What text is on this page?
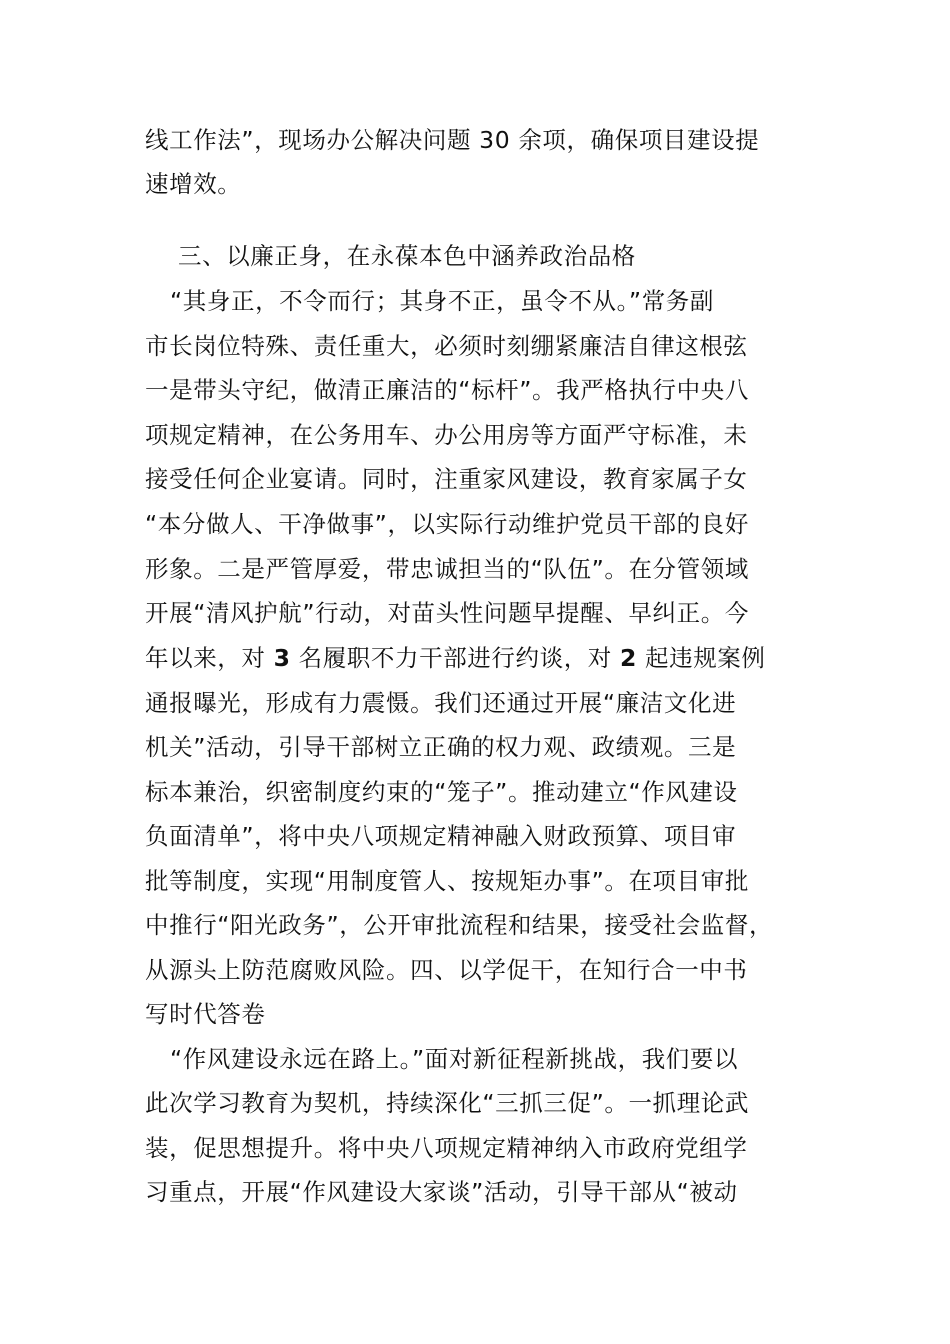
线工作法”，现场办公解决问题 30 余项，确保项目建设提
速增效。
三、以廉正身，在永葆本色中涵养政治品格
“其身正，不令而行；其身不正，虽令不从。”常务副
市长岗位特殊、责任重大，必须时刻绷紧廉洁自律这根弦
一是带头守纪，做清正廉洁的“标杆”。我严格执行中央八
项规定精神，在公务用车、办公用房等方面严守标准，未
接受任何企业宴请。同时，注重家风建设，教育家属子女
“本分做人、干净做事”，以实际行动维护党员干部的良好
形象。二是严管厚爱，带忠诚担当的“队伍”。在分管领域
开展“清风护航”行动，对苗头性问题早提醒、早纠正。今
年以来，对 3 名履职不力干部进行约谈，对 2 起违规案例
通报曝光，形成有力震慑。我们还通过开展“廉洁文化进
机关”活动，引导干部树立正确的权力观、政绩观。三是
标本兼治，织密制度约束的“笼子”。推动建立“作风建设
负面清单”，将中央八项规定精神融入财政预算、项目审
批等制度，实现“用制度管人、按规矩办事”。在项目审批
中推行“阳光政务”，公开审批流程和结果，接受社会监督，
从源头上防范腐败风险。四、以学促干，在知行合一中书
写时代答卷
“作风建设永远在路上。”面对新征程新挑战，我们要以
此次学习教育为契机，持续深化“三抓三促”。一抓理论武
装，促思想提升。将中央八项规定精神纳入市政府党组学
习重点，开展“作风建设大家谈”活动，引导干部从“被动
